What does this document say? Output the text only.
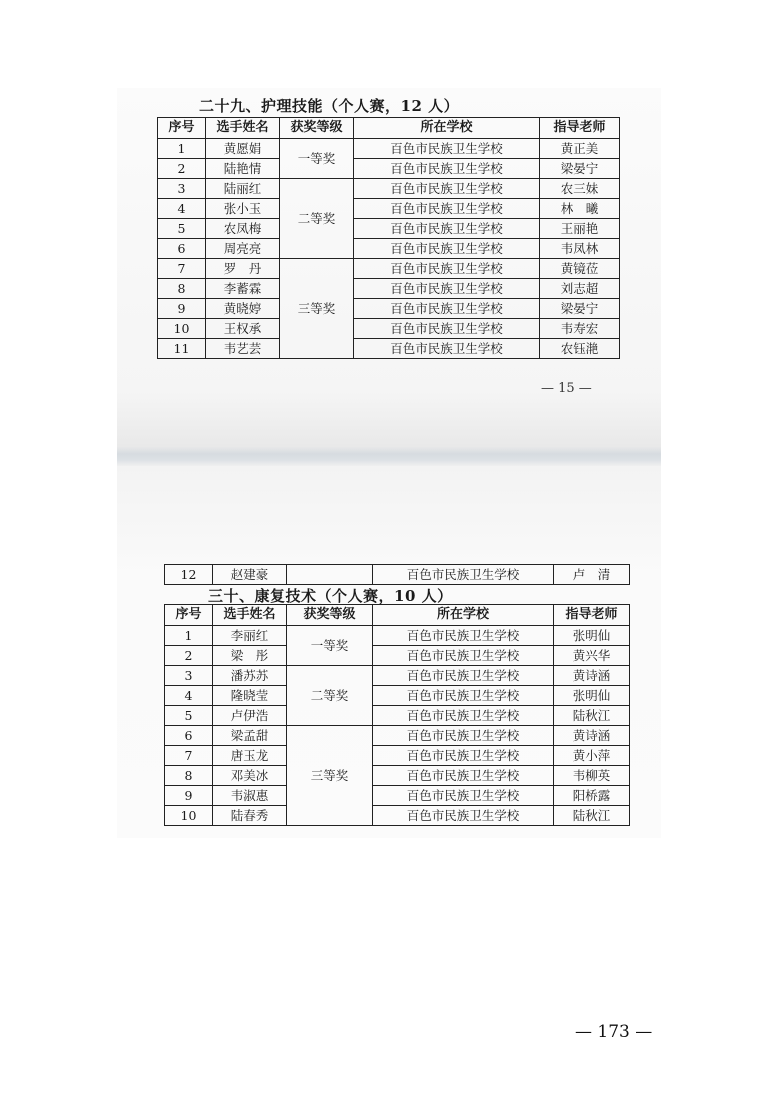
二十九、护理技能（个人赛，12 人）
序号	选手姓名	获奖等级	所在学校	指导老师
1	黄愿娟	一等奖	百色市民族卫生学校	黄正美
2	陆艳情		百色市民族卫生学校	梁晏宁
3	陆丽红	二等奖	百色市民族卫生学校	农三妹
4	张小玉		百色市民族卫生学校	林　曦
5	农凤梅		百色市民族卫生学校	王丽艳
6	周亮亮		百色市民族卫生学校	韦凤林
7	罗　丹	三等奖	百色市民族卫生学校	黄镜莅
8	李蓄霖		百色市民族卫生学校	刘志超
9	黄晓婷		百色市民族卫生学校	梁晏宁
10	王权承		百色市民族卫生学校	韦寿宏
11	韦艺芸		百色市民族卫生学校	农钰滟
— 15 —
12	赵建豪		百色市民族卫生学校	卢　清
三十、康复技术（个人赛，10 人）
序号	选手姓名	获奖等级	所在学校	指导老师
1	李丽红	一等奖	百色市民族卫生学校	张明仙
2	梁　彤		百色市民族卫生学校	黄兴华
3	潘苏苏	二等奖	百色市民族卫生学校	黄诗涵
4	隆晓莹		百色市民族卫生学校	张明仙
5	卢伊浩		百色市民族卫生学校	陆秋江
6	梁孟甜	三等奖	百色市民族卫生学校	黄诗涵
7	唐玉龙		百色市民族卫生学校	黄小萍
8	邓美冰		百色市民族卫生学校	韦柳英
9	韦淑惠		百色市民族卫生学校	阳桥露
10	陆春秀		百色市民族卫生学校	陆秋江
— 173 —
